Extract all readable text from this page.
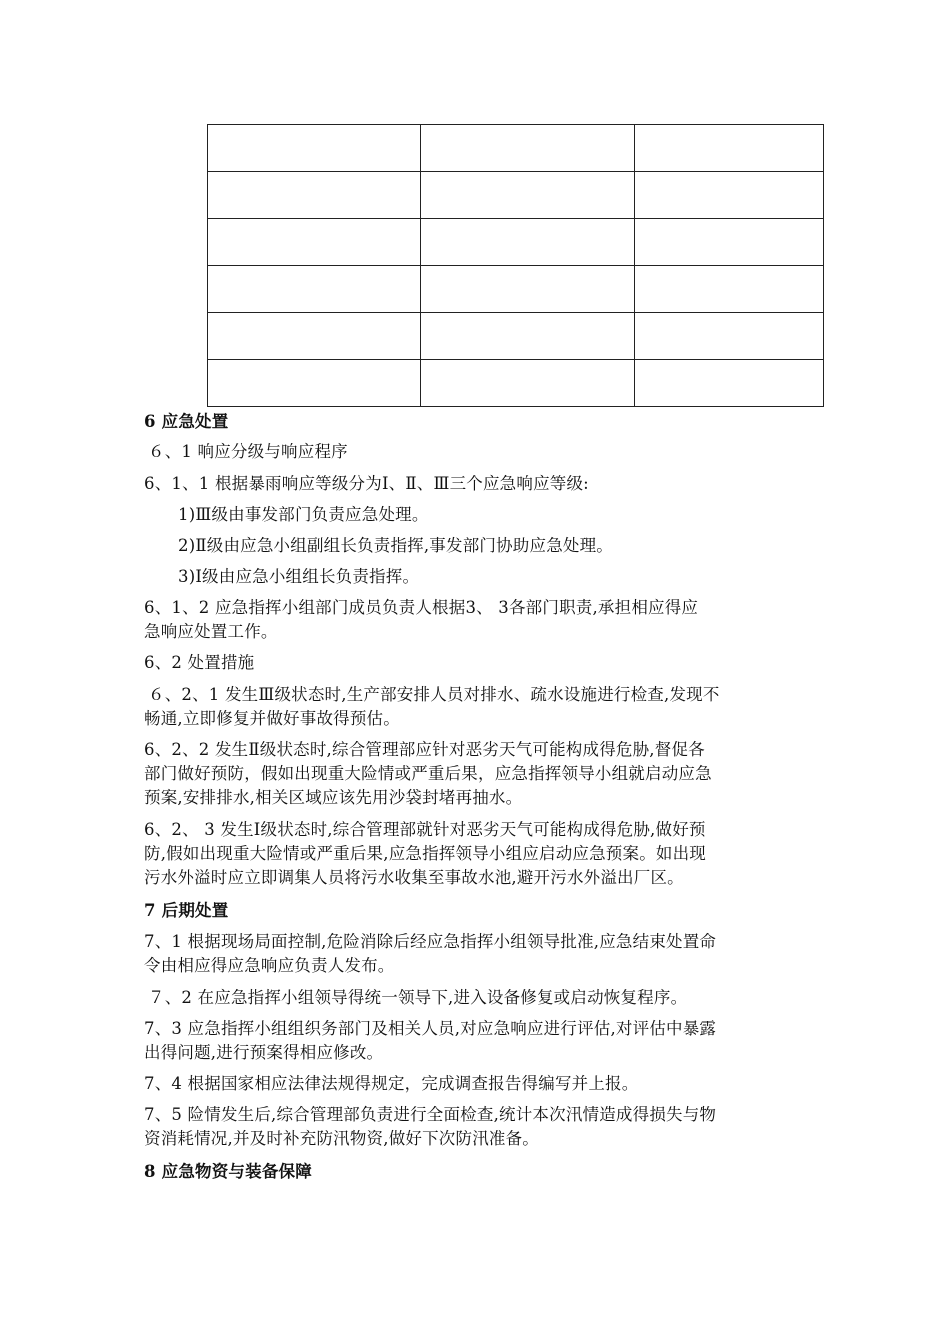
6 应急处置
６、1 响应分级与响应程序
6、1、1 根据暴雨响应等级分为Ⅰ、Ⅱ、Ⅲ三个应急响应等级:
1)Ⅲ级由事发部门负责应急处理。
2)Ⅱ级由应急小组副组长负责指挥,事发部门协助应急处理。
3)Ⅰ级由应急小组组长负责指挥。
6、1、2 应急指挥小组部门成员负责人根据3、 3各部门职责,承担相应得应
急响应处置工作。
6、2 处置措施
６、2、1 发生Ⅲ级状态时,生产部安排人员对排水、疏水设施进行检查,发现不
畅通,立即修复并做好事故得预估。
6、2、2 发生Ⅱ级状态时,综合管理部应针对恶劣天气可能构成得危胁,督促各
部门做好预防，假如出现重大险情或严重后果，应急指挥领导小组就启动应急
预案,安排排水,相关区域应该先用沙袋封堵再抽水。
6、2、 3 发生Ⅰ级状态时,综合管理部就针对恶劣天气可能构成得危胁,做好预
防,假如出现重大险情或严重后果,应急指挥领导小组应启动应急预案。如出现
污水外溢时应立即调集人员将污水收集至事故水池,避开污水外溢出厂区。
7 后期处置
7、1 根据现场局面控制,危险消除后经应急指挥小组领导批准,应急结束处置命
令由相应得应急响应负责人发布。
７、2 在应急指挥小组领导得统一领导下,进入设备修复或启动恢复程序。
7、3 应急指挥小组组织务部门及相关人员,对应急响应进行评估,对评估中暴露
出得问题,进行预案得相应修改。
7、4 根据国家相应法律法规得规定，完成调查报告得编写并上报。
7、5 险情发生后,综合管理部负责进行全面检查,统计本次汛情造成得损失与物
资消耗情况,并及时补充防汛物资,做好下次防汛准备。
8 应急物资与装备保障
